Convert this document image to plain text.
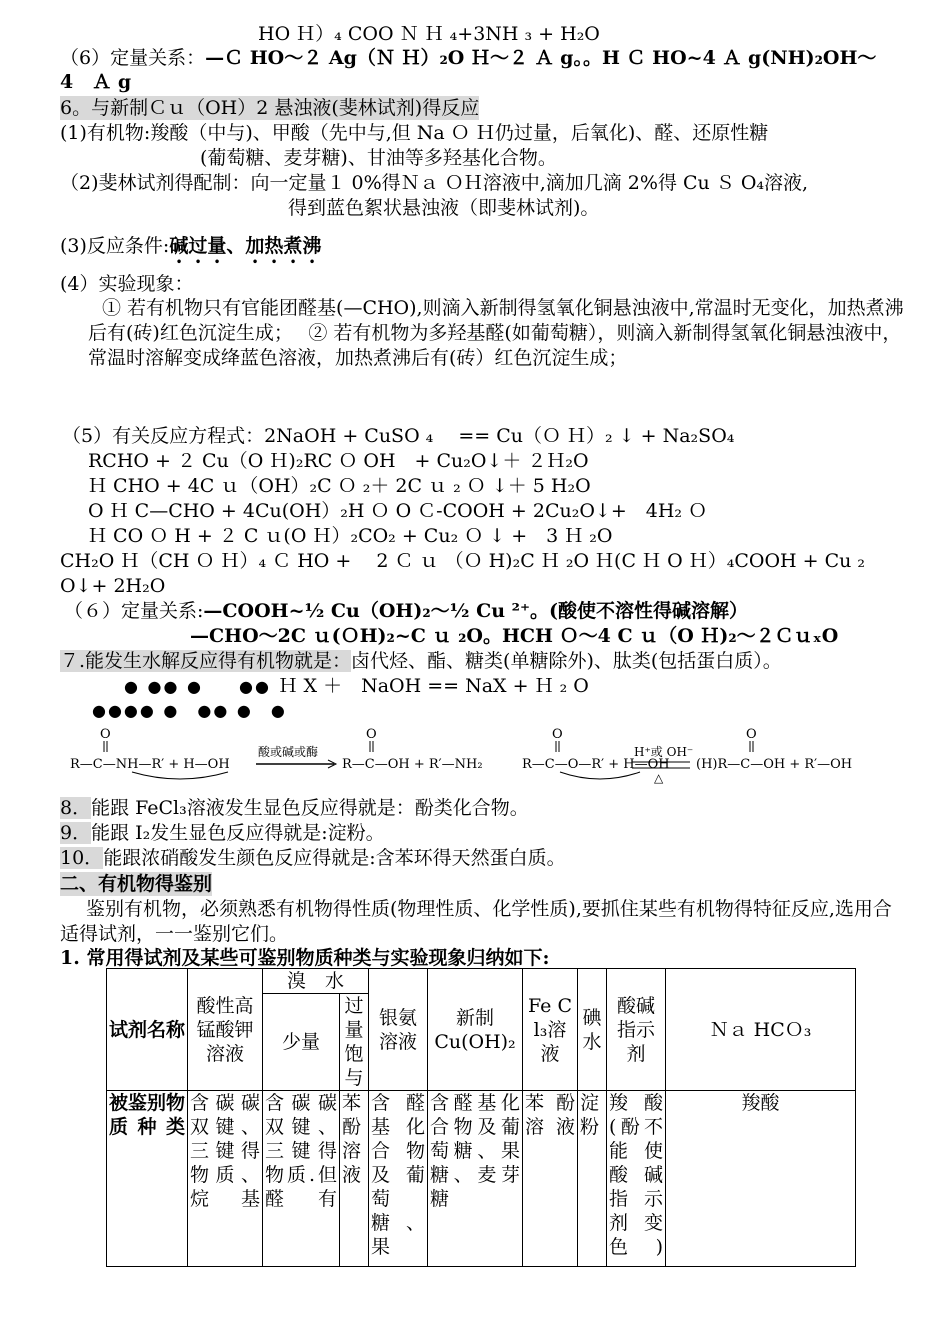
HO Ｈ）₄ COO Ｎ Ｈ ₄+3NH ₃ + H₂O
（6）定量关系：—Ｃ HO～２ Ag（Ｎ Ｈ）₂O Ｈ～２ Ａ g。。H Ｃ HO~4 Ａ g(NH)₂OH～
4　Ａ g
6。与新制Ｃｕ（OH）2 悬浊液(斐林试剂)得反应
(1)有机物:羧酸（中与)、甲酸（先中与,但 Na Ｏ Ｈ仍过量，后氧化)、醛、还原性糖
(葡萄糖、麦芽糖)、甘油等多羟基化合物。
（2)斐林试剂得配制：向一定量１ 0%得Ｎａ ＯＨ溶液中,滴加几滴 2%得 Cu Ｓ O₄溶液,
得到蓝色絮状悬浊液（即斐林试剂)。
(3)反应条件:碱过量、加热煮沸
(4）实验现象：
① 若有机物只有官能团醛基(—CHO),则滴入新制得氢氧化铜悬浊液中,常温时无变化，加热煮沸后有(砖)红色沉淀生成；　 ② 若有机物为多羟基醛(如葡萄糖），则滴入新制得氢氧化铜悬浊液中，常温时溶解变成绛蓝色溶液，加热煮沸后有(砖）红色沉淀生成；
（5）有关反应方程式：2NaOH + CuSO ₄　 == Cu（Ｏ Ｈ）₂ ↓ + Na₂SO₄
RCHO + ２ Cu（O Ｈ)₂RC Ｏ OH　+ Cu₂O↓＋ ２Ｈ₂O
Ｈ CHO + 4C ｕ（OH）₂C Ｏ ₂＋ 2C ｕ ₂ Ｏ ↓＋ 5 H₂O
O Ｈ C—CHO + 4Cu(OH）₂H Ｏ O Ｃ-COOH + 2Cu₂O↓+　4H₂ Ｏ
Ｈ CO Ｏ H + ２ C ｕ(O Ｈ）₂CO₂ + Cu₂ Ｏ ↓ +　3 Ｈ ₂O
CH₂O Ｈ（CH Ｏ Ｈ）₄ Ｃ HO +　 2 Ｃ ｕ （Ｏ H)₂C Ｈ ₂O Ｈ(C Ｈ O Ｈ）₄COOH + Cu ₂
O↓+ 2H₂O
（６）定量关系:—COOH~½ Cu（OH)₂～½ Cu ²⁺。(酸使不溶性得碱溶解）
—CHO～2C ｕ(ＯH)₂~C ｕ ₂O。HCH Ｏ～4 C ｕ（O Ｈ)₂～２ＣｕₓO
７.能发生水解反应得有机物就是：卤代烃、酯、糖类(单糖除外)、肽类(包括蛋白质）。
● ●● ●　　●● Ｈ X ＋　NaOH == NaX + Ｈ ₂ O
●●●● ●　●● ●　●
O
R—C—NH—R′ + H—OH
酸或碱或酶
O
R—C—OH + R′—NH₂
O
R—C—O—R′ + H—OH
H⁺或 OH⁻
△
O
(H)R—C—OH + R′—OH
8．能跟 FeCl₃溶液发生显色反应得就是：酚类化合物。
9．能跟 I₂发生显色反应得就是:淀粉。
10．能跟浓硝酸发生颜色反应得就是:含苯环得天然蛋白质。
二、有机物得鉴别
鉴别有机物，必须熟悉有机物得性质(物理性质、化学性质),要抓住某些有机物得特征反应,选用合适得试剂，一一鉴别它们。
1. 常用得试剂及某些可鉴别物质种类与实验现象归纳如下:
试剂名称	酸性高锰酸钾溶液	溴　水		银氨溶液	新制Cu(OH)₂	Fe C l₃溶液	碘水	酸碱指示剂	Ｎａ HCＯ₃
		少量	过量饱与						
被鉴别物质种类	含碳碳双键、三键得物质、烷基	含碳碳双键、三键得物质.但醛有	苯酚溶液	含醛基化合物及葡萄糖、果	含醛基化合物及葡萄糖、果糖、麦芽糖	苯酚溶液	淀粉	羧酸(酚不能使酸碱指示剂变色)	羧酸
